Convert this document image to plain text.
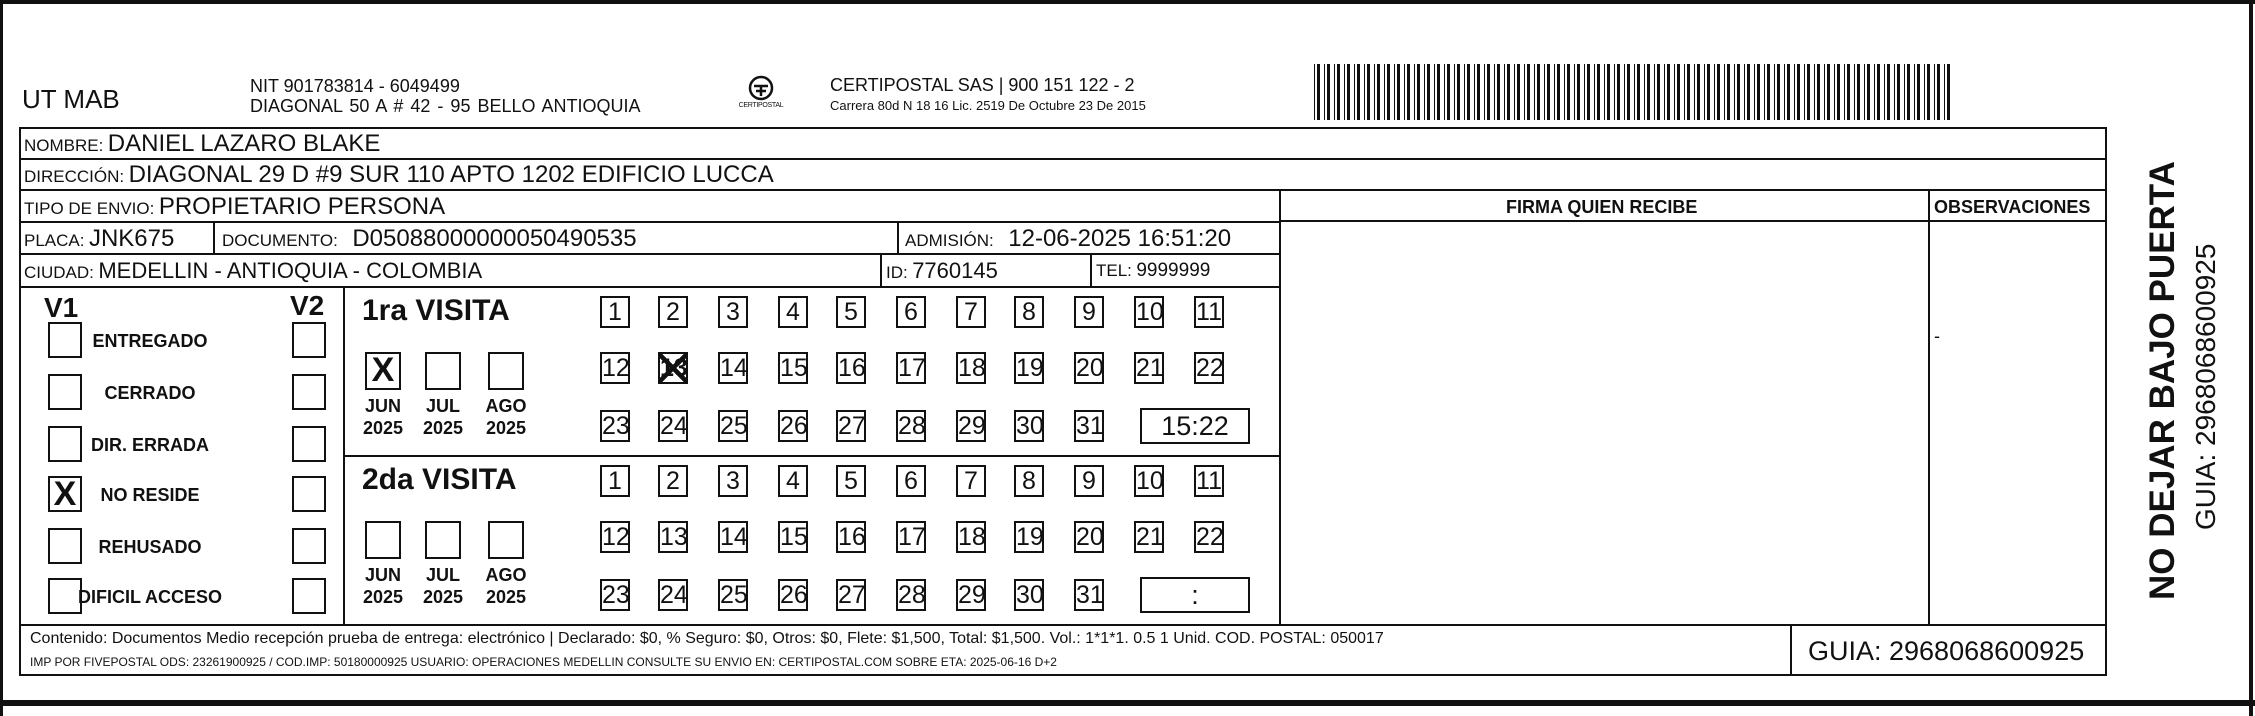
UT MAB	NIT 901783814 - 6049499
DIAGONAL 50 A # 42 - 95 BELLO ANTIOQUIA	CERTIPOSTAL
CERTIPOSTAL SAS | 900 151 122 - 2
Carrera 80d N 18 16 Lic. 2519 De Octubre 23 De 2015
NOMBRE: DANIEL LAZARO BLAKE
DIRECCIÓN: DIAGONAL 29 D #9 SUR 110 APTO 1202 EDIFICIO LUCCA
TIPO DE ENVIO: PROPIETARIO PERSONA
PLACA: JNK675	DOCUMENTO: D05088000000050490535	ADMISIÓN: 12-06-2025 16:51:20
CIUDAD: MEDELLIN - ANTIOQUIA - COLOMBIA	ID: 7760145	TEL: 9999999
FIRMA QUIEN RECIBE	OBSERVACIONES
-
V1	V2
ENTREGADO
CERRADO
DIR. ERRADA
X	NO RESIDE
REHUSADO
DIFICIL ACCESO
1ra VISITA
X
JUN
2025
JUL
2025
AGO
2025
1	2	3	4	5	6	7	8	9	10 11
12 13 14 15 16 17 18 19 20 21 22
23 24 25 26 27 28 29 30 31	15:22
2da VISITA
JUN
2025
JUL
2025
AGO
2025
1	2	3	4	5	6	7	8	9	10 11
12 13 14 15 16 17 18 19 20 21 22
23 24 25 26 27 28 29 30 31	:
Contenido: Documentos Medio recepción prueba de entrega: electrónico | Declarado: $0, % Seguro: $0, Otros: $0, Flete: $1,500, Total: $1,500. Vol.: 1*1*1. 0.5 1 Unid. COD. POSTAL: 050017
IMP POR FIVEPOSTAL ODS: 23261900925 / COD.IMP: 50180000925 USUARIO: OPERACIONES MEDELLIN CONSULTE SU ENVIO EN: CERTIPOSTAL.COM SOBRE ETA: 2025-06-16 D+2	GUIA: 2968068600925
NO DEJAR BAJO PUERTA GUIA: 2968068600925
